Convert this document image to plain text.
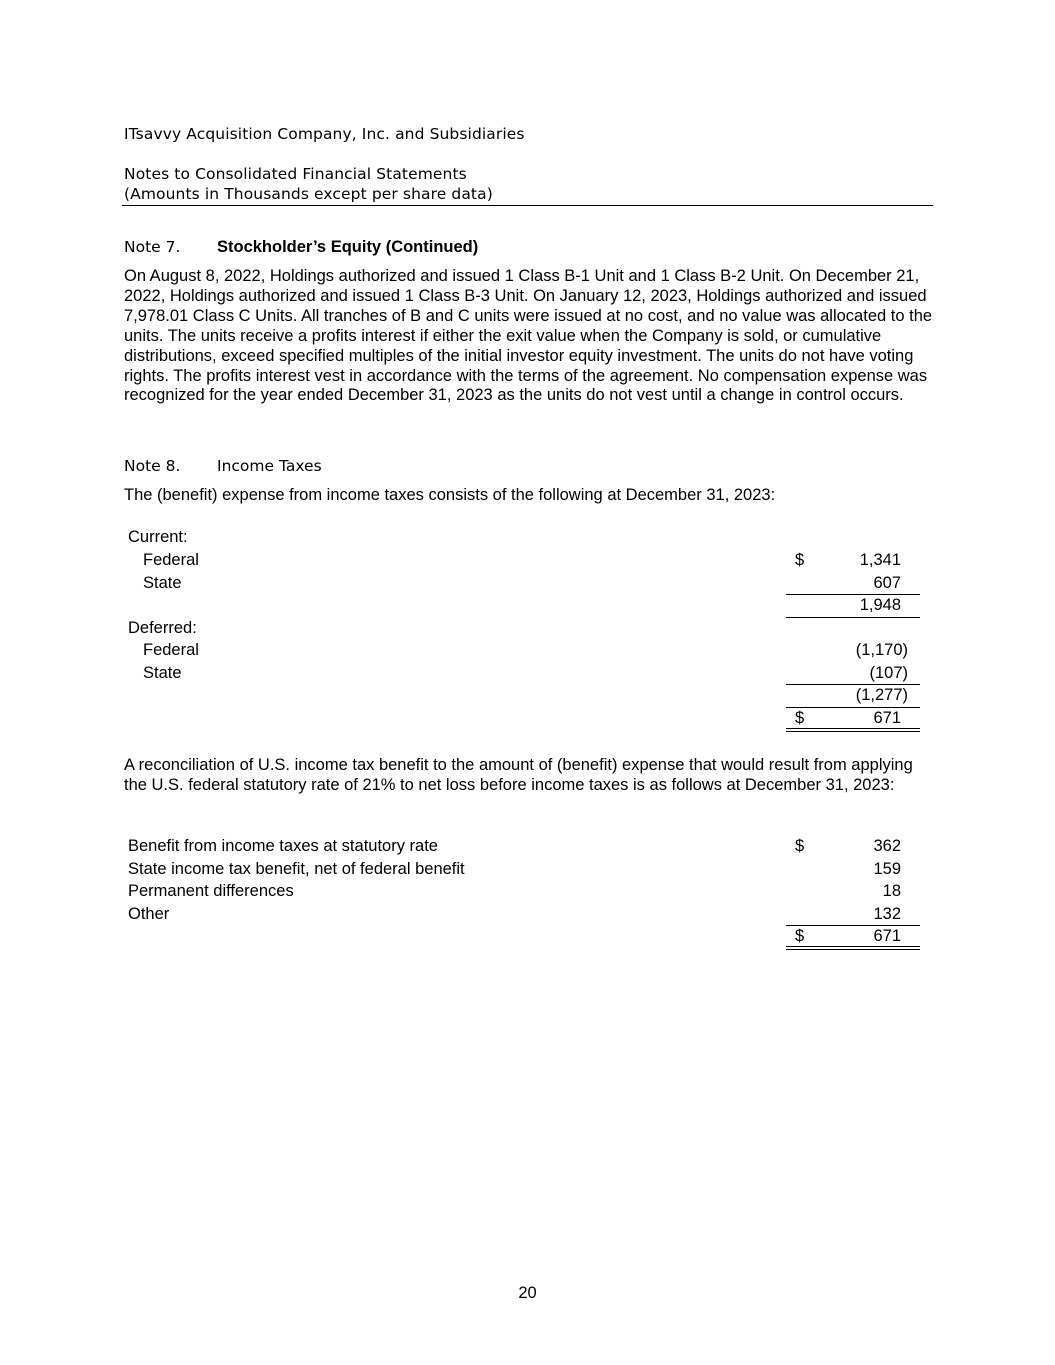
ITsavvy Acquisition Company, Inc. and Subsidiaries
Notes to Consolidated Financial Statements
(Amounts in Thousands except per share data)
Note 7. Stockholder’s Equity (Continued)

On August 8, 2022, Holdings authorized and issued 1 Class B-1 Unit and 1 Class B-2 Unit. On December 21, 2022, Holdings authorized and issued 1 Class B-3 Unit. On January 12, 2023, Holdings authorized and issued 7,978.01 Class C Units. All tranches of B and C units were issued at no cost, and no value was allocated to the units. The units receive a profits interest if either the exit value when the Company is sold, or cumulative distributions, exceed specified multiples of the initial investor equity investment. The units do not have voting rights. The profits interest vest in accordance with the terms of the agreement. No compensation expense was recognized for the year ended December 31, 2023 as the units do not vest until a change in control occurs.

Note 8. Income Taxes

The (benefit) expense from income taxes consists of the following at December 31, 2023:

Current:
Federal	$	1,341
State	607
1,948
Deferred:
Federal	(1,170)
State	(107)
(1,277)
$	671

A reconciliation of U.S. income tax benefit to the amount of (benefit) expense that would result from applying the U.S. federal statutory rate of 21% to net loss before income taxes is as follows at December 31, 2023:

Benefit from income taxes at statutory rate	$	362
State income tax benefit, net of federal benefit	159
Permanent differences	18
Other	132
$	671
20
